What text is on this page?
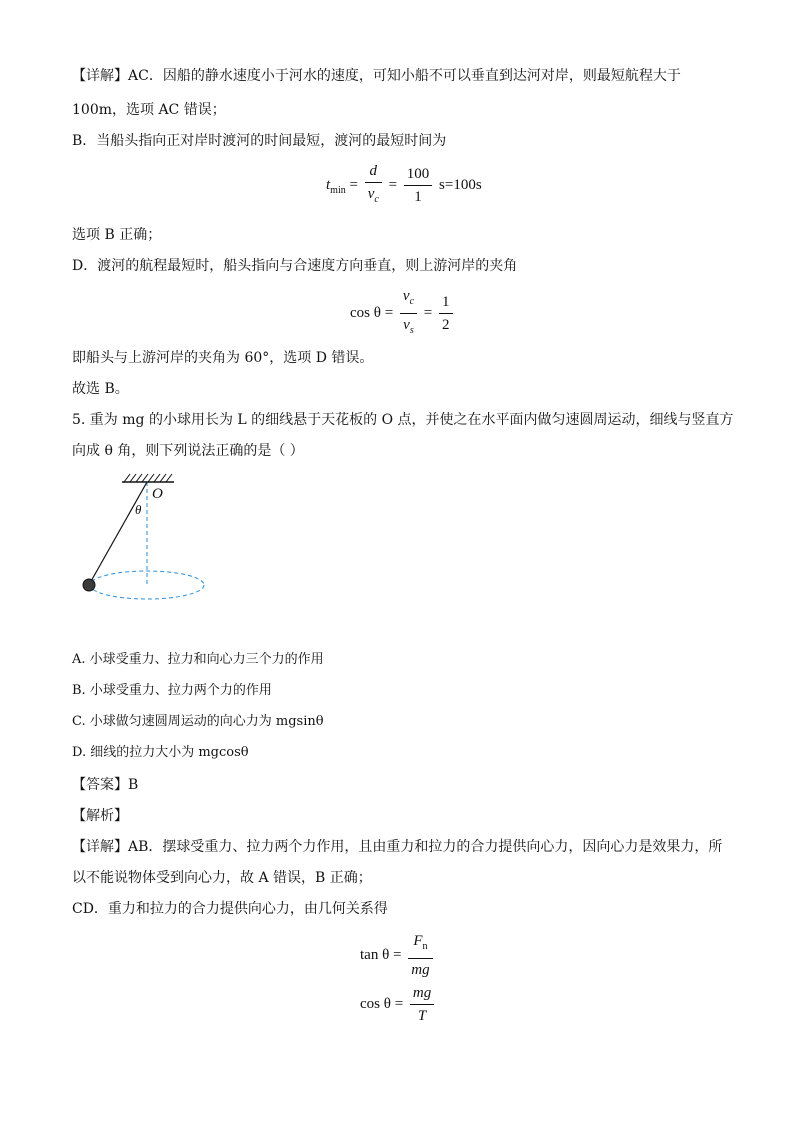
【详解】AC．因船的静水速度小于河水的速度，可知小船不可以垂直到达河对岸，则最短航程大于
100m，选项 AC 错误；
B．当船头指向正对岸时渡河的时间最短，渡河的最短时间为
$t_{min} = \frac{d}{v_c} = \frac{100}{1} s=100s$
选项 B 正确；
D．渡河的航程最短时，船头指向与合速度方向垂直，则上游河岸的夹角
$\cos \theta = \frac{v_c}{v_s} = \frac{1}{2}$
即船头与上游河岸的夹角为 60°，选项 D 错误。
故选 B。
5. 重为 mg 的小球用长为 L 的细线悬于天花板的 O 点，并使之在水平面内做匀速圆周运动，细线与竖直方
向成 θ 角，则下列说法正确的是（ ）
O
θ
A. 小球受重力、拉力和向心力三个力的作用
B. 小球受重力、拉力两个力的作用
C. 小球做匀速圆周运动的向心力为 mgsinθ
D. 细线的拉力大小为 mgcosθ
【答案】B
【解析】
【详解】AB．摆球受重力、拉力两个力作用，且由重力和拉力的合力提供向心力，因向心力是效果力，所
以不能说物体受到向心力，故 A 错误，B 正确；
CD．重力和拉力的合力提供向心力，由几何关系得
$\tan \theta = \frac{F_n}{mg}$
$\cos \theta = \frac{mg}{T}$
